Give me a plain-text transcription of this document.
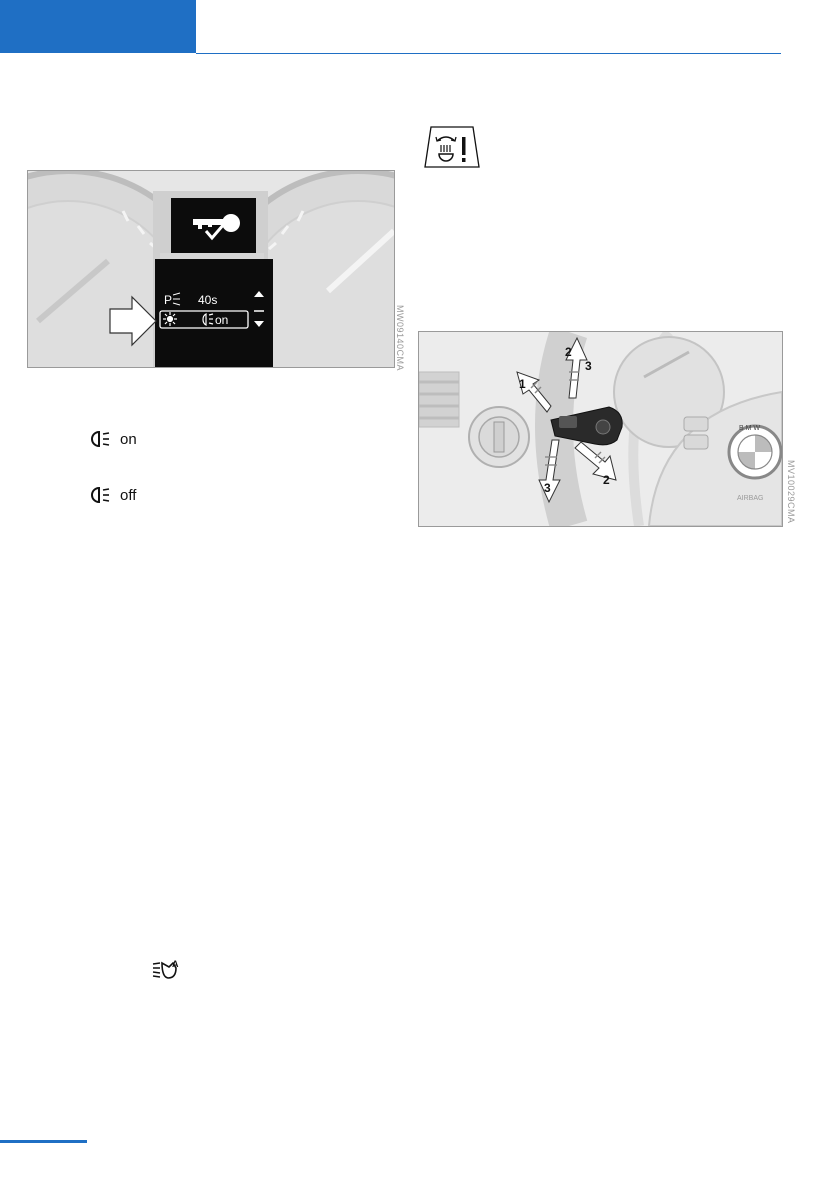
P 40s
on	MW09140CMA
on
off
B M W
AIRBAG
1
2
3
2
3
MV10029CMA
A
